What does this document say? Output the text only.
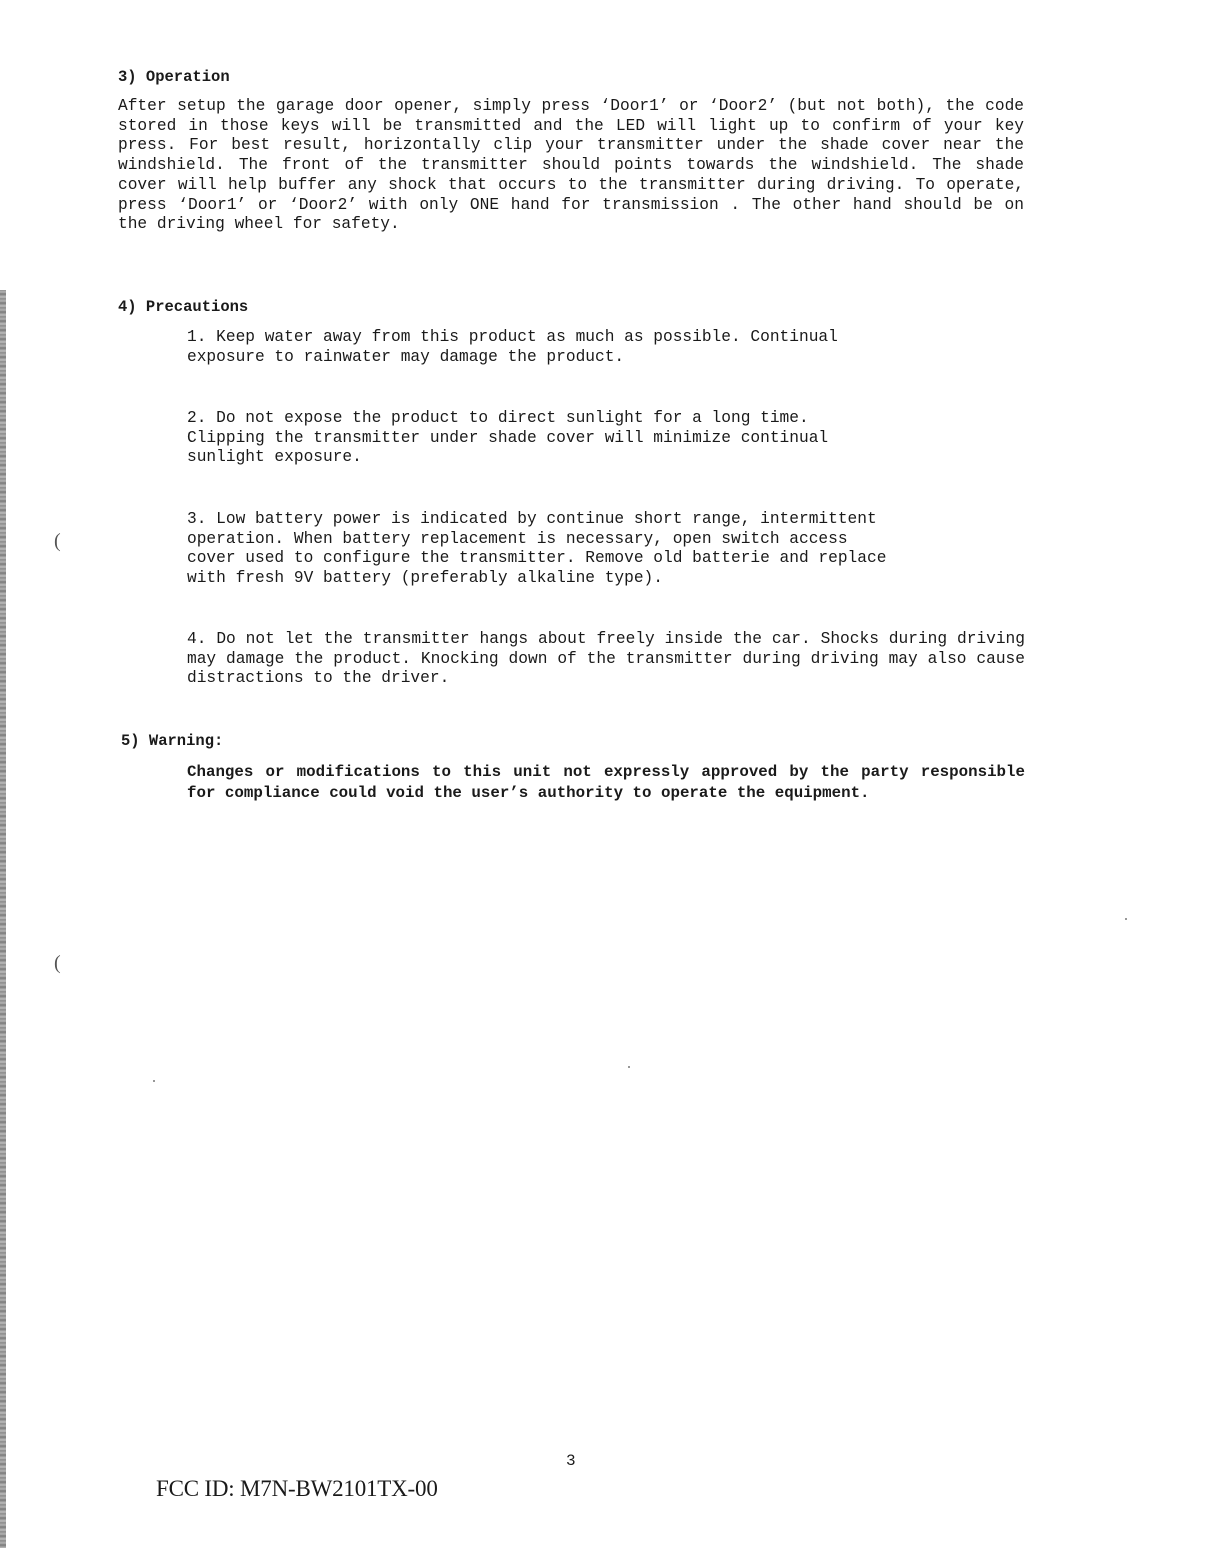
(
(
3) Operation

After setup the garage door opener, simply press ‘Door1’ or ‘Door2’ (but not both), the code stored in those keys will be transmitted and the LED will light up to confirm of your key press. For best result, horizontally clip your transmitter under the shade cover near the windshield. The front of the transmitter should points towards the windshield. The shade cover will help buffer any shock that occurs to the transmitter during driving. To operate, press ‘Door1’ or ‘Door2’ with only ONE hand for transmission . The other hand should be on the driving wheel for safety.

4) Precautions

1. Keep water away from this product as much as possible. Continual
exposure to rainwater may damage the product.

2. Do not expose the product to direct sunlight for a long time.
Clipping the transmitter under shade cover will minimize continual
sunlight exposure.

3. Low battery power is indicated by continue short range, intermittent
operation. When battery replacement is necessary, open switch access
cover used to configure the transmitter. Remove old batterie and replace
with fresh 9V battery (preferably alkaline type).

4. Do not let the transmitter hangs about freely inside the car. Shocks during driving may damage the product. Knocking down of the transmitter during driving may also cause distractions to the driver.

5) Warning:

Changes or modifications to this unit not expressly approved by the party responsible for compliance could void the user’s authority to operate the equipment.

3
FCC ID: M7N-BW2101TX-00
